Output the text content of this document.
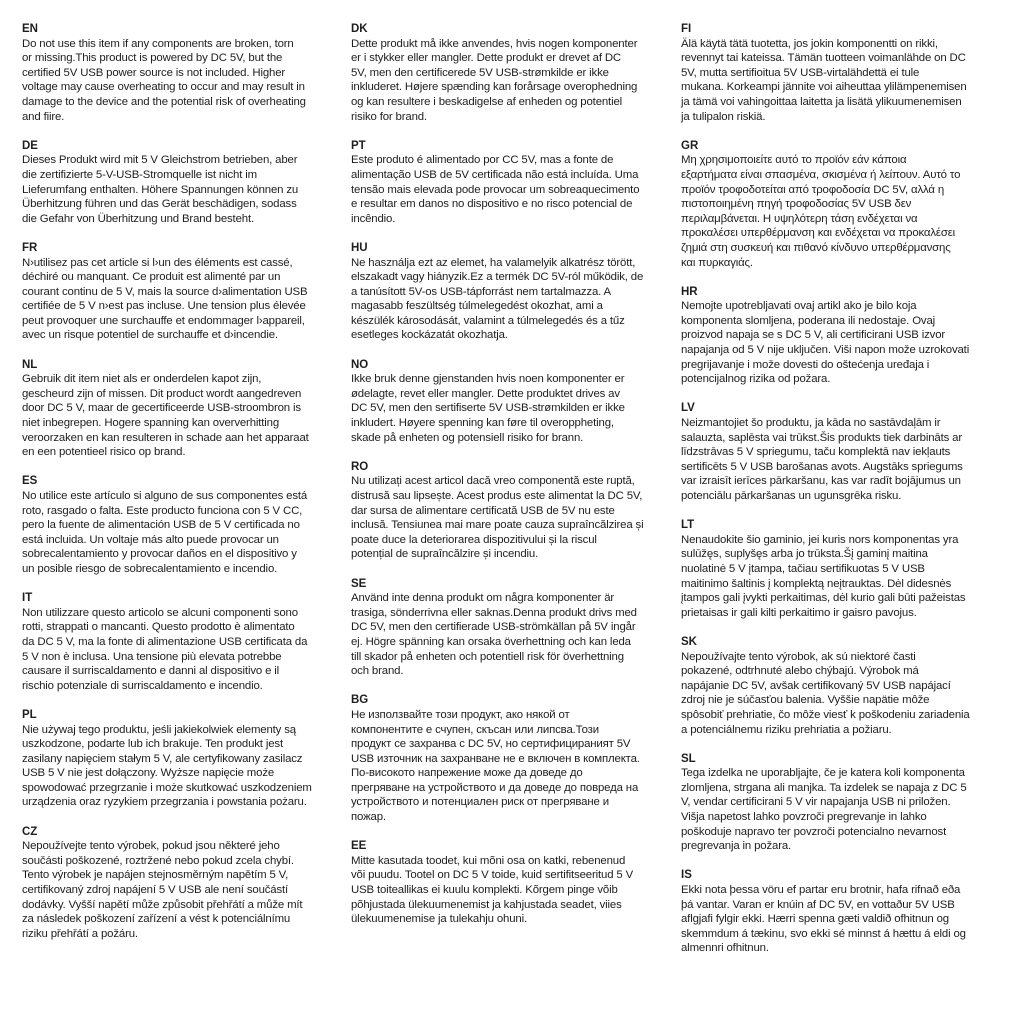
EN
Do not use this item if any components are broken, torn
or missing.This product is powered by DC 5V, but the
certified 5V USB power source is not included. Higher
voltage may cause overheating to occur and may result in
damage to the device and the potential risk of overheating
and fiire.
DE
Dieses Produkt wird mit 5 V Gleichstrom betrieben, aber
die zertifizierte 5-V-USB-Stromquelle ist nicht im
Lieferumfang enthalten. Höhere Spannungen können zu
Überhitzung führen und das Gerät beschädigen, sodass
die Gefahr von Überhitzung und Brand besteht.
FR
N›utilisez pas cet article si l›un des éléments est cassé,
déchiré ou manquant. Ce produit est alimenté par un
courant continu de 5 V, mais la source d›alimentation USB
certifiée de 5 V n›est pas incluse. Une tension plus élevée
peut provoquer une surchauffe et endommager l›appareil,
avec un risque potentiel de surchauffe et d›incendie.
NL
Gebruik dit item niet als er onderdelen kapot zijn,
gescheurd zijn of missen. Dit product wordt aangedreven
door DC 5 V, maar de gecertificeerde USB-stroombron is
niet inbegrepen. Hogere spanning kan oververhitting
veroorzaken en kan resulteren in schade aan het apparaat
en een potentieel risico op brand.
ES
No utilice este artículo si alguno de sus componentes está
roto, rasgado o falta. Este producto funciona con 5 V CC,
pero la fuente de alimentación USB de 5 V certificada no
está incluida. Un voltaje más alto puede provocar un
sobrecalentamiento y provocar daños en el dispositivo y
un posible riesgo de sobrecalentamiento e incendio.
IT
Non utilizzare questo articolo se alcuni componenti sono
rotti, strappati o mancanti. Questo prodotto è alimentato
da DC 5 V, ma la fonte di alimentazione USB certificata da
5 V non è inclusa. Una tensione più elevata potrebbe
causare il surriscaldamento e danni al dispositivo e il
rischio potenziale di surriscaldamento e incendio.
PL
Nie używaj tego produktu, jeśli jakiekolwiek elementy są
uszkodzone, podarte lub ich brakuje. Ten produkt jest
zasilany napięciem stałym 5 V, ale certyfikowany zasilacz
USB 5 V nie jest dołączony. Wyższe napięcie może
spowodować przegrzanie i może skutkować uszkodzeniem
urządzenia oraz ryzykiem przegrzania i powstania pożaru.
CZ
Nepoužívejte tento výrobek, pokud jsou některé jeho
součásti poškozené, roztržené nebo pokud zcela chybí.
Tento výrobek je napájen stejnosměrným napětím 5 V,
certifikovaný zdroj napájení 5 V USB ale není součástí
dodávky. Vyšší napětí může způsobit přehřátí a může mít
za následek poškození zařízení a vést k potenciálnímu
riziku přehřátí a požáru.
DK
Dette produkt må ikke anvendes, hvis nogen komponenter
er i stykker eller mangler. Dette produkt er drevet af DC
5V, men den certificerede 5V USB-strømkilde er ikke
inkluderet. Højere spænding kan forårsage overophedning
og kan resultere i beskadigelse af enheden og potentiel
risiko for brand.
PT
Este produto é alimentado por CC 5V, mas a fonte de
alimentação USB de 5V certificada não está incluída. Uma
tensão mais elevada pode provocar um sobreaquecimento
e resultar em danos no dispositivo e no risco potencial de
incêndio.
HU
Ne használja ezt az elemet, ha valamelyik alkatrész törött,
elszakadt vagy hiányzik.Ez a termék DC 5V-ról működik, de
a tanúsított 5V-os USB-tápforrást nem tartalmazza. A
magasabb feszültség túlmelegedést okozhat, ami a
készülék károsodását, valamint a túlmelegedés és a tűz
esetleges kockázatát okozhatja.
NO
Ikke bruk denne gjenstanden hvis noen komponenter er
ødelagte, revet eller mangler. Dette produktet drives av
DC 5V, men den sertifiserte 5V USB-strømkilden er ikke
inkludert. Høyere spenning kan føre til overoppheting,
skade på enheten og potensiell risiko for brann.
RO
Nu utilizați acest articol dacă vreo componentă este ruptă,
distrusă sau lipsește. Acest produs este alimentat la DC 5V,
dar sursa de alimentare certificată USB de 5V nu este
inclusă. Tensiunea mai mare poate cauza supraîncălzirea și
poate duce la deteriorarea dispozitivului și la riscul
potențial de supraîncălzire și incendiu.
SE
Använd inte denna produkt om några komponenter är
trasiga, sönderrivna eller saknas.Denna produkt drivs med
DC 5V, men den certifierade USB-strömkällan på 5V ingår
ej. Högre spänning kan orsaka överhettning och kan leda
till skador på enheten och potentiell risk för överhettning
och brand.
BG
Не използвайте този продукт, ако някой от
компонентите е счупен, скъсан или липсва.Този
продукт се захранва с DC 5V, но сертифицираният 5V
USB източник на захранване не е включен в комплекта.
По-високото напрежение може да доведе до
прегряване на устройството и да доведе до повреда на
устройството и потенциален риск от прегряване и
пожар.
EE
Mitte kasutada toodet, kui mõni osa on katki, rebenenud
või puudu. Tootel on DC 5 V toide, kuid sertifitseeritud 5 V
USB toiteallikas ei kuulu komplekti. Kõrgem pinge võib
põhjustada ülekuumenemist ja kahjustada seadet, viies
ülekuumenemise ja tulekahju ohuni.
FI
Älä käytä tätä tuotetta, jos jokin komponentti on rikki,
revennyt tai kateissa. Tämän tuotteen voimanlähde on DC
5V, mutta sertifioitua 5V USB-virtalähdettä ei tule
mukana. Korkeampi jännite voi aiheuttaa ylilämpenemisen
ja tämä voi vahingoittaa laitetta ja lisätä ylikuumenemisen
ja tulipalon riskiä.
GR
Μη χρησιμοποιείτε αυτό το προϊόν εάν κάποια
εξαρτήματα είναι σπασμένα, σκισμένα ή λείπουν. Αυτό το
προϊόν τροφοδοτείται από τροφοδοσία DC 5V, αλλά η
πιστοποιημένη πηγή τροφοδοσίας 5V USB δεν
περιλαμβάνεται. Η υψηλότερη τάση ενδέχεται να
προκαλέσει υπερθέρμανση και ενδέχεται να προκαλέσει
ζημιά στη συσκευή και πιθανό κίνδυνο υπερθέρμανσης
και πυρκαγιάς.
HR
Nemojte upotrebljavati ovaj artikl ako je bilo koja
komponenta slomljena, poderana ili nedostaje. Ovaj
proizvod napaja se s DC 5 V, ali certificirani USB izvor
napajanja od 5 V nije uključen. Viši napon može uzrokovati
pregrijavanje i može dovesti do oštećenja uređaja i
potencijalnog rizika od požara.
LV
Neizmantojiet šo produktu, ja kāda no sastāvdaļām ir
salauzta, saplēsta vai trūkst.Šis produkts tiek darbināts ar
līdzstrāvas 5 V spriegumu, taču komplektā nav iekļauts
sertificēts 5 V USB barošanas avots. Augstāks spriegums
var izraisīt ierīces pārkaršanu, kas var radīt bojājumus un
potenciālu pārkaršanas un ugunsgrēka risku.
LT
Nenaudokite šio gaminio, jei kuris nors komponentas yra
sulūžęs, suplyšęs arba jo trūksta.Šį gaminį maitina
nuolatinė 5 V įtampa, tačiau sertifikuotas 5 V USB
maitinimo šaltinis į komplektą neįtrauktas. Dėl didesnės
įtampos gali įvykti perkaitimas, dėl kurio gali būti pažeistas
prietaisas ir gali kilti perkaitimo ir gaisro pavojus.
SK
Nepoužívajte tento výrobok, ak sú niektoré časti
pokazené, odtrhnuté alebo chýbajú. Výrobok má
napájanie DC 5V, avšak certifikovaný 5V USB napájací
zdroj nie je súčasťou balenia. Vyššie napätie môže
spôsobiť prehriatie, čo môže viesť k poškodeniu zariadenia
a potenciálnemu riziku prehriatia a požiaru.
SL
Tega izdelka ne uporabljajte, če je katera koli komponenta
zlomljena, strgana ali manjka. Ta izdelek se napaja z DC 5
V, vendar certificirani 5 V vir napajanja USB ni priložen.
Višja napetost lahko povzroči pregrevanje in lahko
poškoduje napravo ter povzroči potencialno nevarnost
pregrevanja in požara.
IS
Ekki nota þessa vöru ef partar eru brotnir, hafa rifnað eða
þá vantar. Varan er knúin af DC 5V, en vottaður 5V USB
aflgjafi fylgir ekki. Hærri spenna gæti valdið ofhitnun og
skemmdum á tækinu, svo ekki sé minnst á hættu á eldi og
almennri ofhitnun.
